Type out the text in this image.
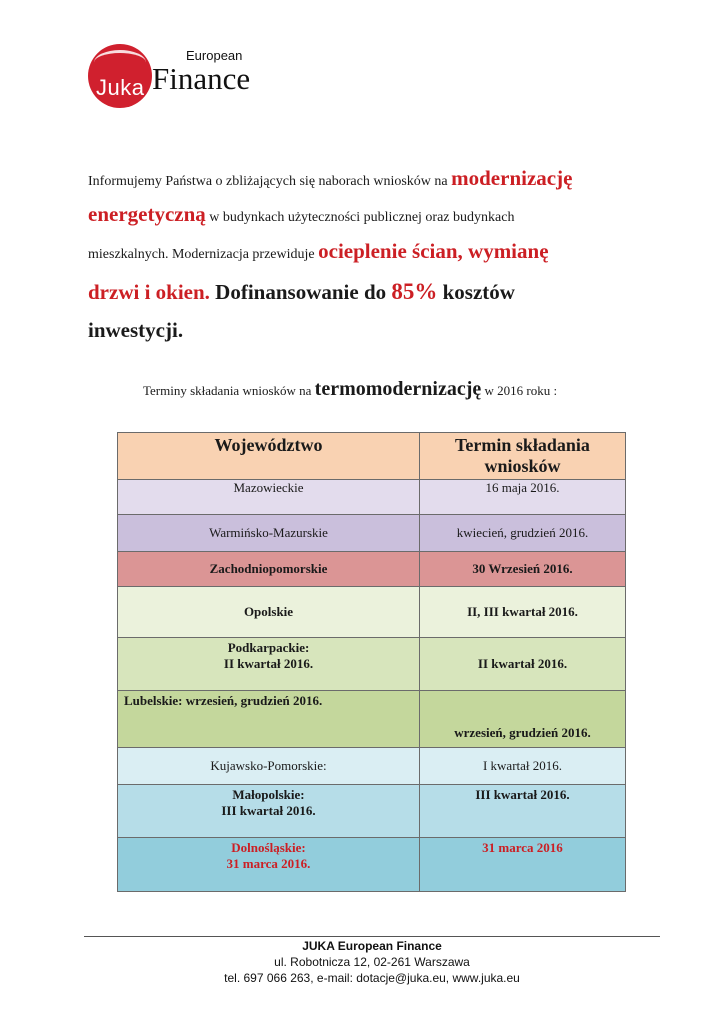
Juka
European
Finance
Informujemy Państwa o zbliżających się naborach wniosków na modernizację
energetyczną w budynkach użyteczności publicznej oraz budynkach
mieszkalnych. Modernizacja przewiduje ocieplenie ścian, wymianę
drzwi i okien. Dofinansowanie do 85% kosztów
inwestycji.
Terminy składania wniosków na termomodernizację w 2016 roku :
Województwo	Termin składania
wniosków
Mazowieckie	16 maja 2016.
Warmińsko-Mazurskie	kwiecień, grudzień 2016.
Zachodniopomorskie	30 Wrzesień 2016.
Opolskie	II, III kwartał 2016.
Podkarpackie:
II kwartał 2016.	II kwartał 2016.
Lubelskie: wrzesień, grudzień 2016.	wrzesień, grudzień 2016.
Kujawsko-Pomorskie:	I kwartał 2016.
Małopolskie:
III kwartał 2016.	III kwartał 2016.
Dolnośląskie:
31 marca 2016.	31 marca 2016
JUKA European Finance
ul. Robotnicza 12, 02-261 Warszawa
tel. 697 066 263, e-mail: dotacje@juka.eu, www.juka.eu
